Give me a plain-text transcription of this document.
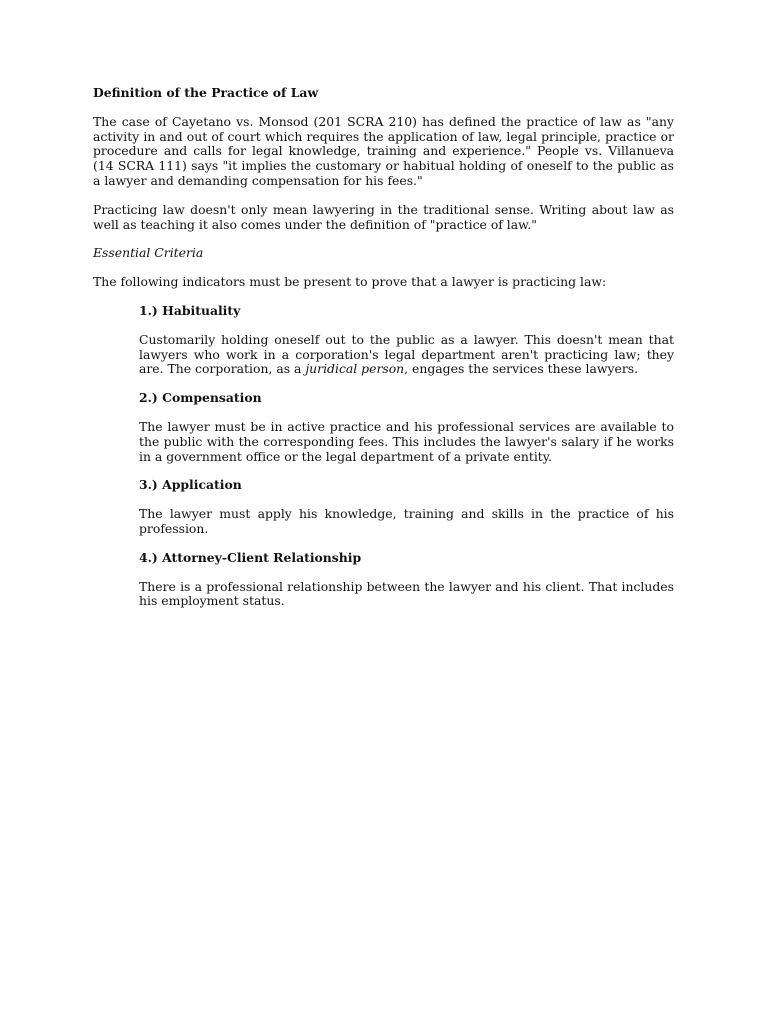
Definition of the Practice of Law

The case of Cayetano vs. Monsod (201 SCRA 210) has defined the practice of law as "any activity in and out of court which requires the application of law, legal principle, practice or procedure and calls for legal knowledge, training and experience." People vs. Villanueva (14 SCRA 111) says "it implies the customary or habitual holding of oneself to the public as a lawyer and demanding compensation for his fees."

Practicing law doesn't only mean lawyering in the traditional sense. Writing about law as well as teaching it also comes under the definition of "practice of law."

Essential Criteria

The following indicators must be present to prove that a lawyer is practicing law:

1.) Habituality

Customarily holding oneself out to the public as a lawyer. This doesn't mean that lawyers who work in a corporation's legal department aren't practicing law; they are. The corporation, as a juridical person, engages the services these lawyers.

2.) Compensation

The lawyer must be in active practice and his professional services are available to the public with the corresponding fees. This includes the lawyer's salary if he works in a government office or the legal department of a private entity.

3.) Application

The lawyer must apply his knowledge, training and skills in the practice of his profession.

4.) Attorney-Client Relationship

There is a professional relationship between the lawyer and his client. That includes his employment status.
